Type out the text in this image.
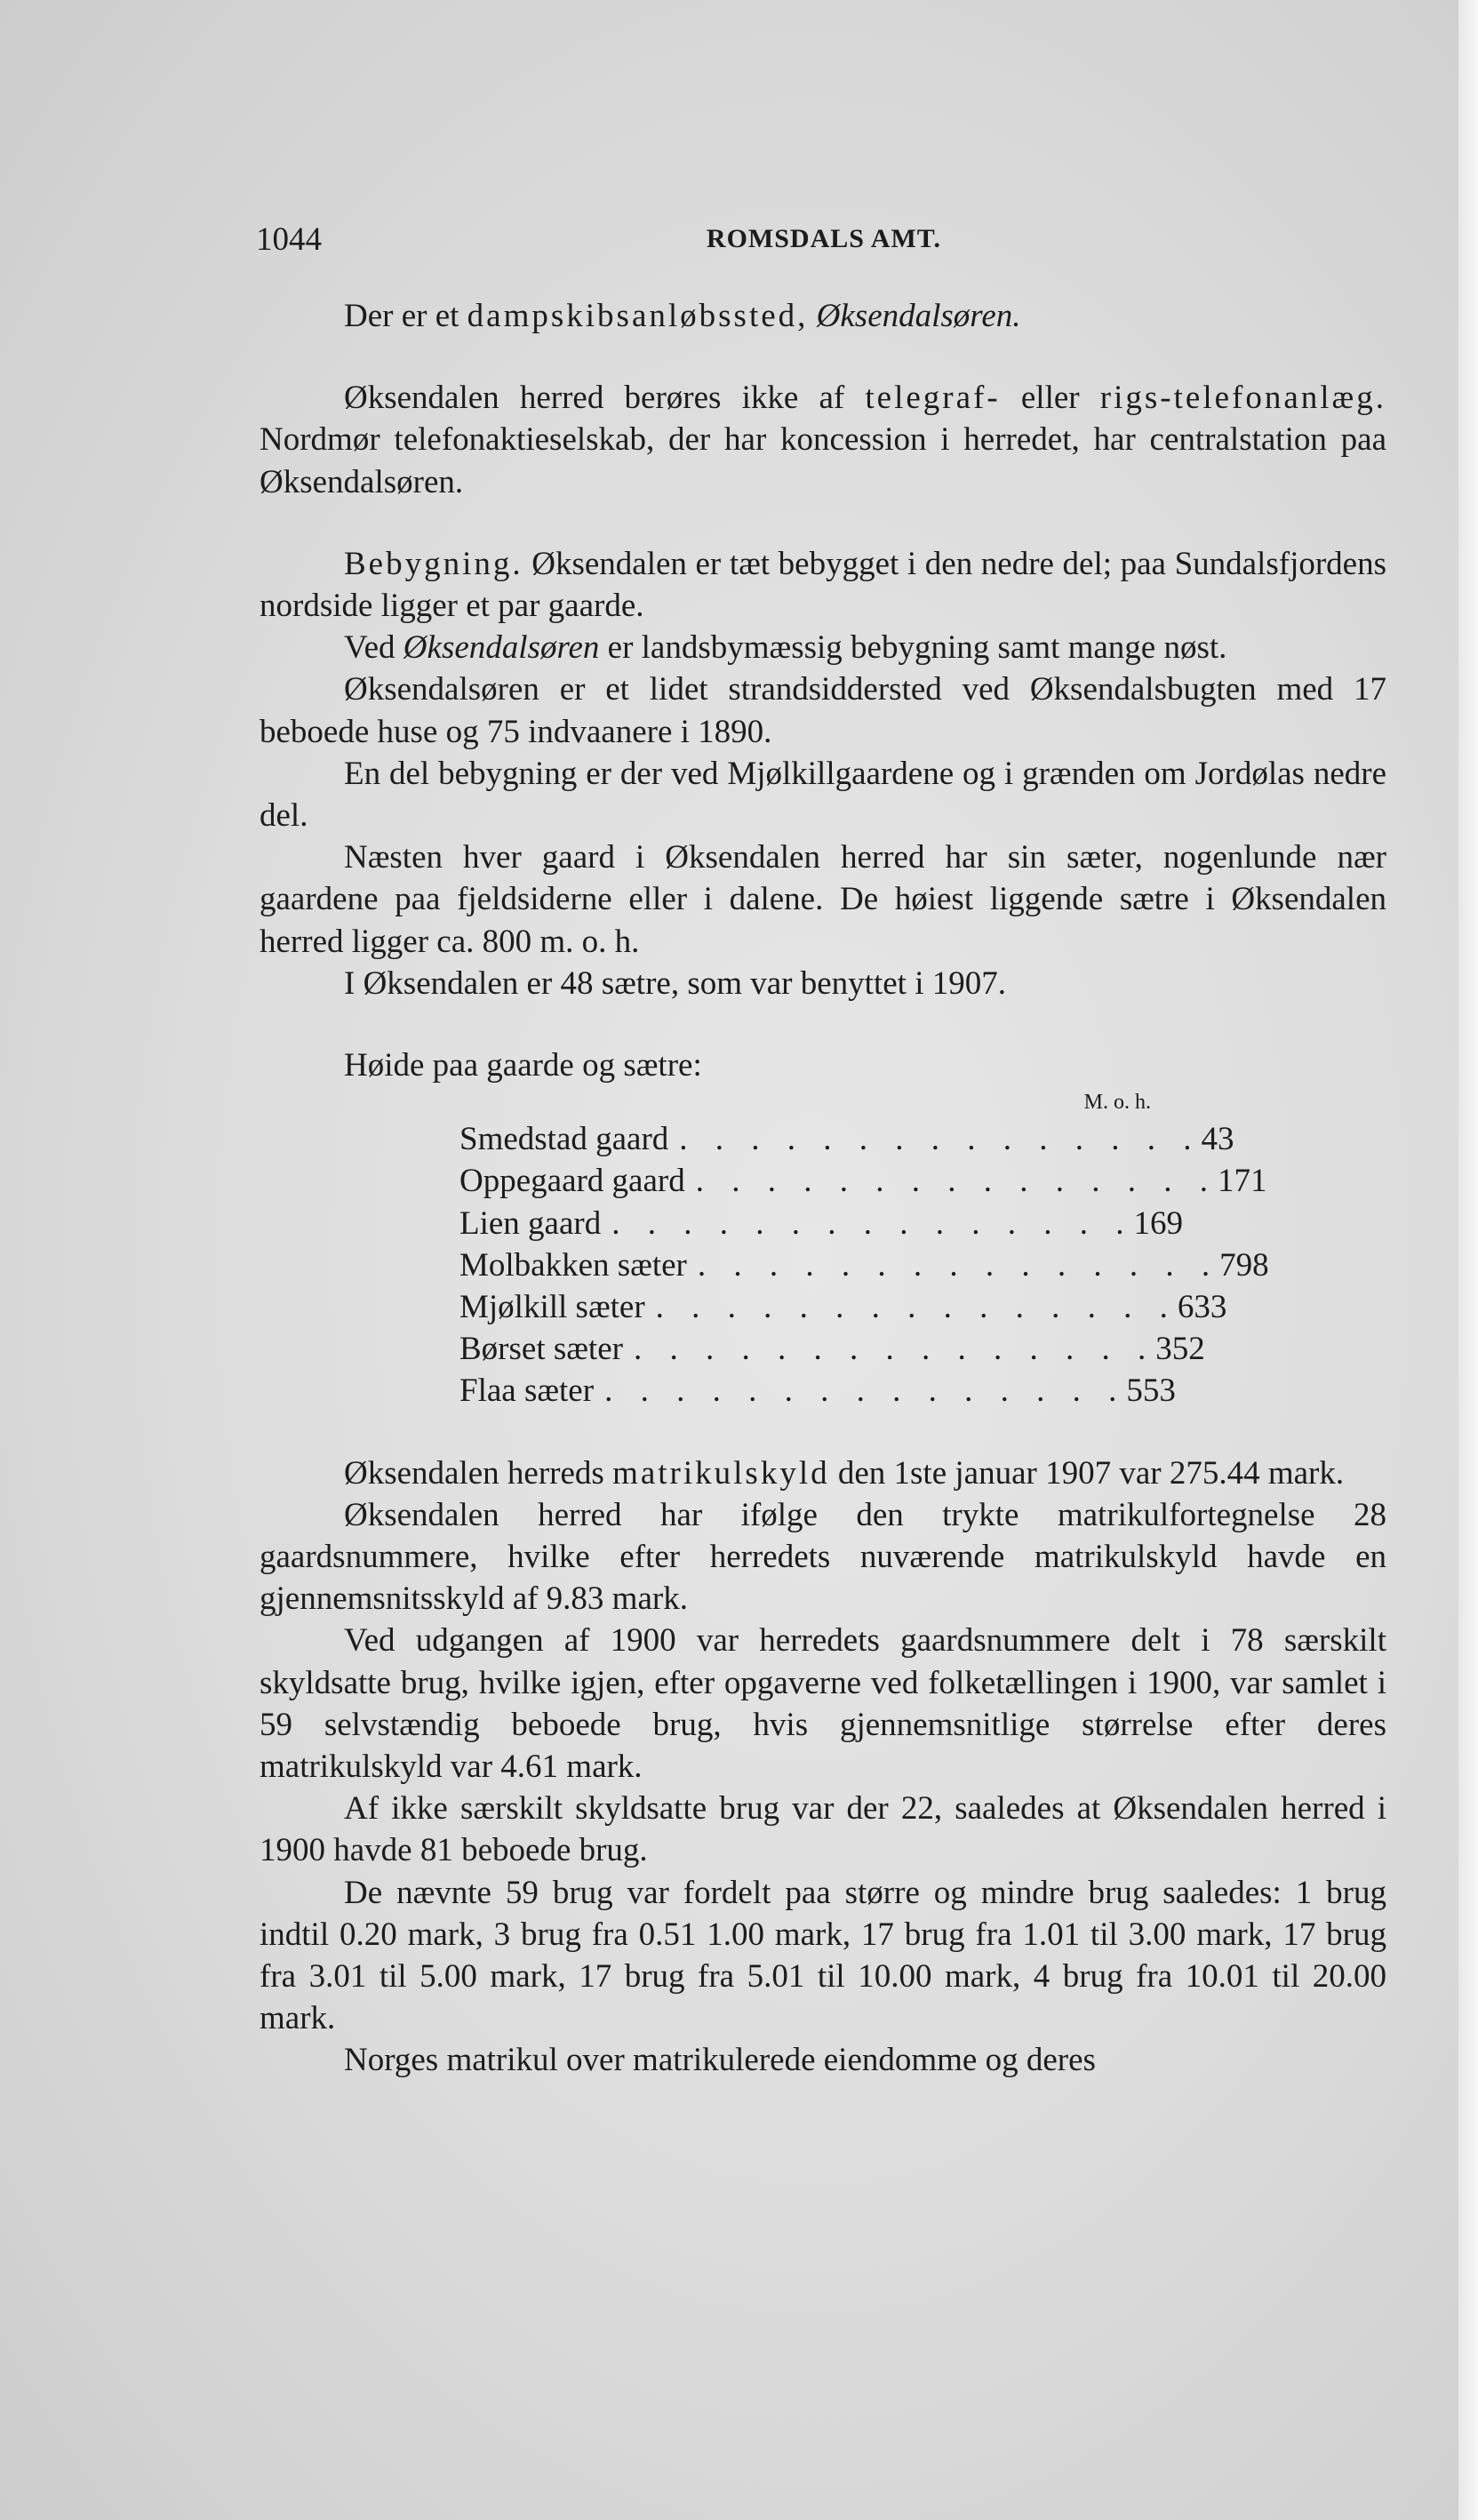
1044	ROMSDALS AMT.

Der er et dampskibsanløbssted, Øksendalsøren.

Øksendalen herred berøres ikke af telegraf- eller rigs-telefonanlæg. Nordmør telefonaktieselskab, der har koncession i herredet, har centralstation paa Øksendalsøren.

Bebygning. Øksendalen er tæt bebygget i den nedre del; paa Sundalsfjordens nordside ligger et par gaarde.

Ved Øksendalsøren er landsbymæssig bebygning samt mange nøst.

Øksendalsøren er et lidet strandsiddersted ved Øksendalsbugten med 17 beboede huse og 75 indvaanere i 1890.

En del bebygning er der ved Mjølkillgaardene og i grænden om Jordølas nedre del.

Næsten hver gaard i Øksendalen herred har sin sæter, nogenlunde nær gaardene paa fjeldsiderne eller i dalene. De høiest liggende sætre i Øksendalen herred ligger ca. 800 m. o. h.

I Øksendalen er 48 sætre, som var benyttet i 1907.

Høide paa gaarde og sætre:

M. o. h.
Smedstad gaard . . . . . . . . . . . . . . . 43
Oppegaard gaard . . . . . . . . . . . . . . . 171
Lien gaard . . . . . . . . . . . . . . . 169
Molbakken sæter . . . . . . . . . . . . . . . 798
Mjølkill sæter . . . . . . . . . . . . . . . 633
Børset sæter . . . . . . . . . . . . . . . 352
Flaa sæter . . . . . . . . . . . . . . . 553

Øksendalen herreds matrikulskyld den 1ste januar 1907 var 275.44 mark.

Øksendalen herred har ifølge den trykte matrikulfortegnelse 28 gaardsnummere, hvilke efter herredets nuværende matrikulskyld havde en gjennemsnitsskyld af 9.83 mark.

Ved udgangen af 1900 var herredets gaardsnummere delt i 78 særskilt skyldsatte brug, hvilke igjen, efter opgaverne ved folketællingen i 1900, var samlet i 59 selvstændig beboede brug, hvis gjennemsnitlige størrelse efter deres matrikulskyld var 4.61 mark.

Af ikke særskilt skyldsatte brug var der 22, saaledes at Øksendalen herred i 1900 havde 81 beboede brug.

De nævnte 59 brug var fordelt paa større og mindre brug saaledes: 1 brug indtil 0.20 mark, 3 brug fra 0.51 1.00 mark, 17 brug fra 1.01 til 3.00 mark, 17 brug fra 3.01 til 5.00 mark, 17 brug fra 5.01 til 10.00 mark, 4 brug fra 10.01 til 20.00 mark.

Norges matrikul over matrikulerede eiendomme og deres
